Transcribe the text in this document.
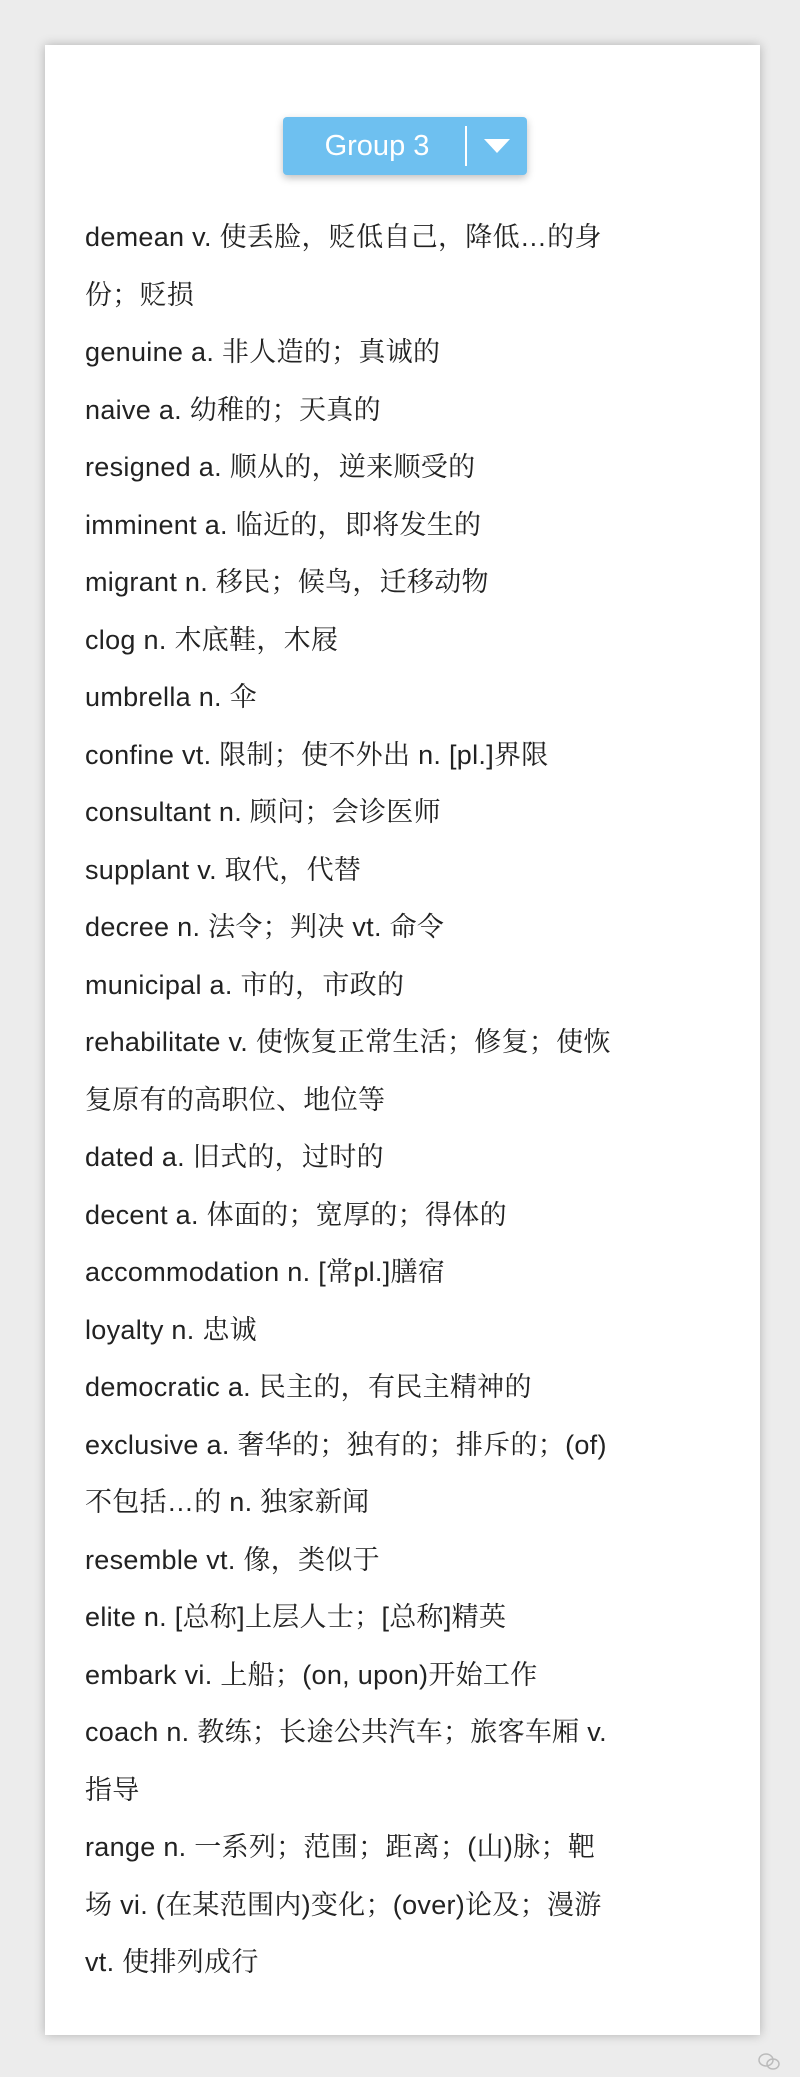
Group 3
demean v. 使丢脸，贬低自己，降低…的身
份；贬损
genuine a. 非人造的；真诚的
naive a. 幼稚的；天真的
resigned a. 顺从的，逆来顺受的
imminent a. 临近的，即将发生的
migrant n. 移民；候鸟，迁移动物
clog n. 木底鞋，木屐
umbrella n. 伞
confine vt. 限制；使不外出 n. [pl.]界限
consultant n. 顾问；会诊医师
supplant v. 取代，代替
decree n. 法令；判决 vt. 命令
municipal a. 市的，市政的
rehabilitate v. 使恢复正常生活；修复；使恢
复原有的高职位、地位等
dated a. 旧式的，过时的
decent a. 体面的；宽厚的；得体的
accommodation n. [常pl.]膳宿
loyalty n. 忠诚
democratic a. 民主的，有民主精神的
exclusive a. 奢华的；独有的；排斥的；(of)
不包括…的 n. 独家新闻
resemble vt. 像，类似于
elite n. [总称]上层人士；[总称]精英
embark vi. 上船；(on, upon)开始工作
coach n. 教练；长途公共汽车；旅客车厢 v.
指导
range n. 一系列；范围；距离；(山)脉；靶
场 vi. (在某范围内)变化；(over)论及；漫游
vt. 使排列成行
